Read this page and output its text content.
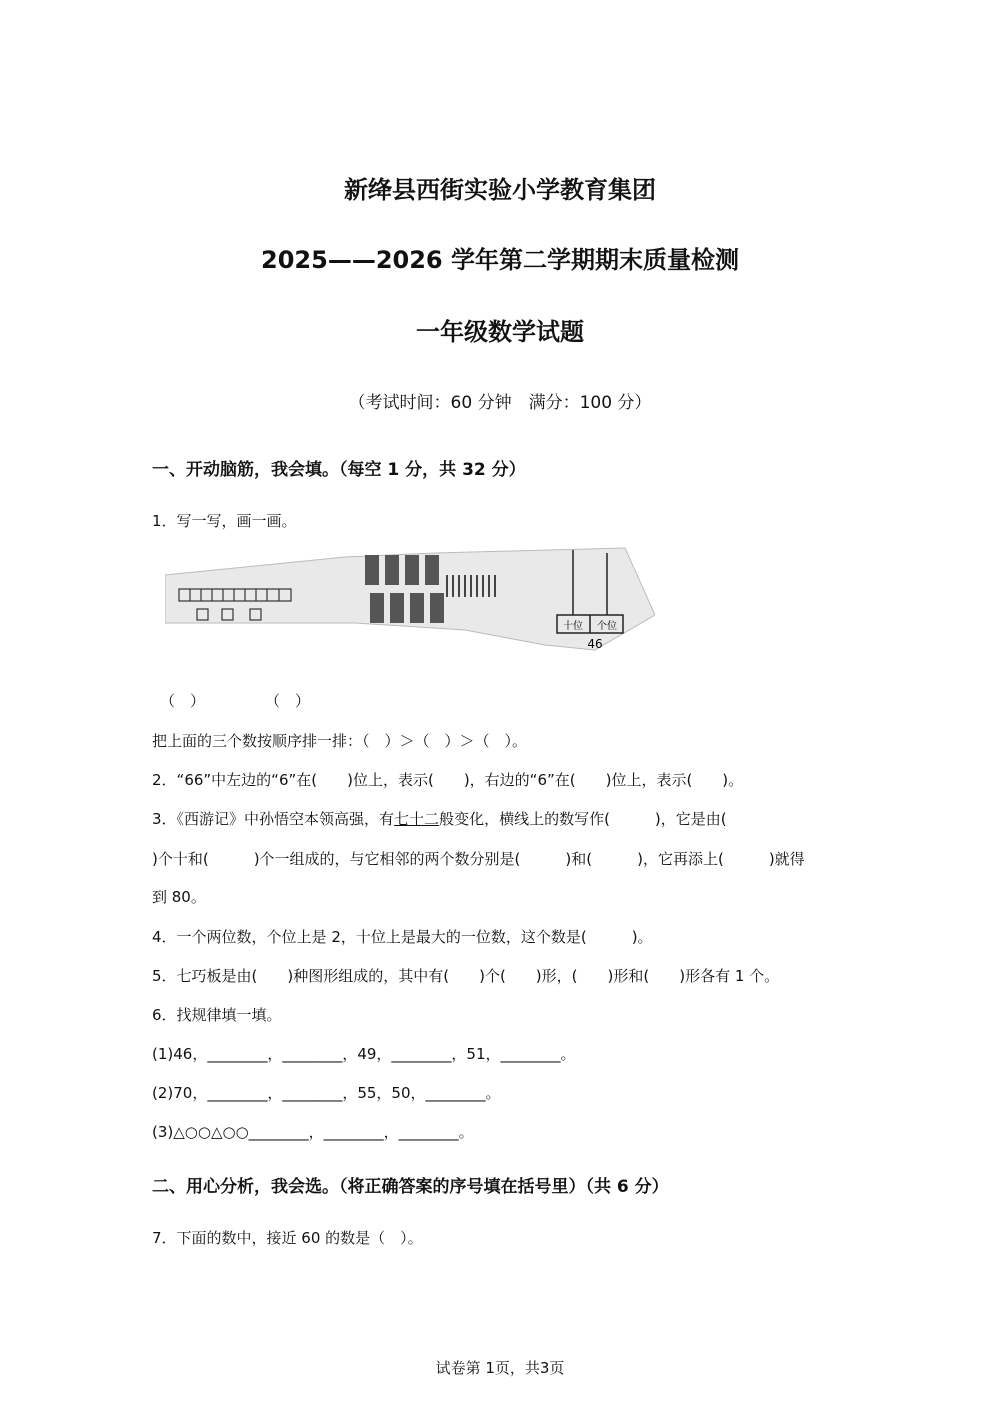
新绛县西街实验小学教育集团
2025——2026 学年第二学期期末质量检测
一年级数学试题
（考试时间：60 分钟　满分：100 分）
一、开动脑筋，我会填。（每空 1 分，共 32 分）
1．写一写，画一画。
十位 个位
46
（　）　　　　　（　）
把上面的三个数按顺序排一排：（　）＞（　）＞（　）。
2．“66”中左边的“6”在(　　)位上，表示(　　)，右边的“6”在(　　)位上，表示(　　)。
3．《西游记》中孙悟空本领高强，有七十二般变化，横线上的数写作(　　　)，它是由(
)个十和(　　　)个一组成的，与它相邻的两个数分别是(　　　)和(　　　)，它再添上(　　　)就得
到 80。
4．一个两位数，个位上是 2，十位上是最大的一位数，这个数是(　　　)。
5．七巧板是由(　　)种图形组成的，其中有(　　)个(　　)形，(　　)形和(　　)形各有 1 个。
6．找规律填一填。
(1)46，________，________，49，________，51，________。
(2)70，________，________，55，50，________。
(3)△○○△○○________，________，________。
二、用心分析，我会选。（将正确答案的序号填在括号里）（共 6 分）
7．下面的数中，接近 60 的数是（　）。
试卷第 1页，共3页
